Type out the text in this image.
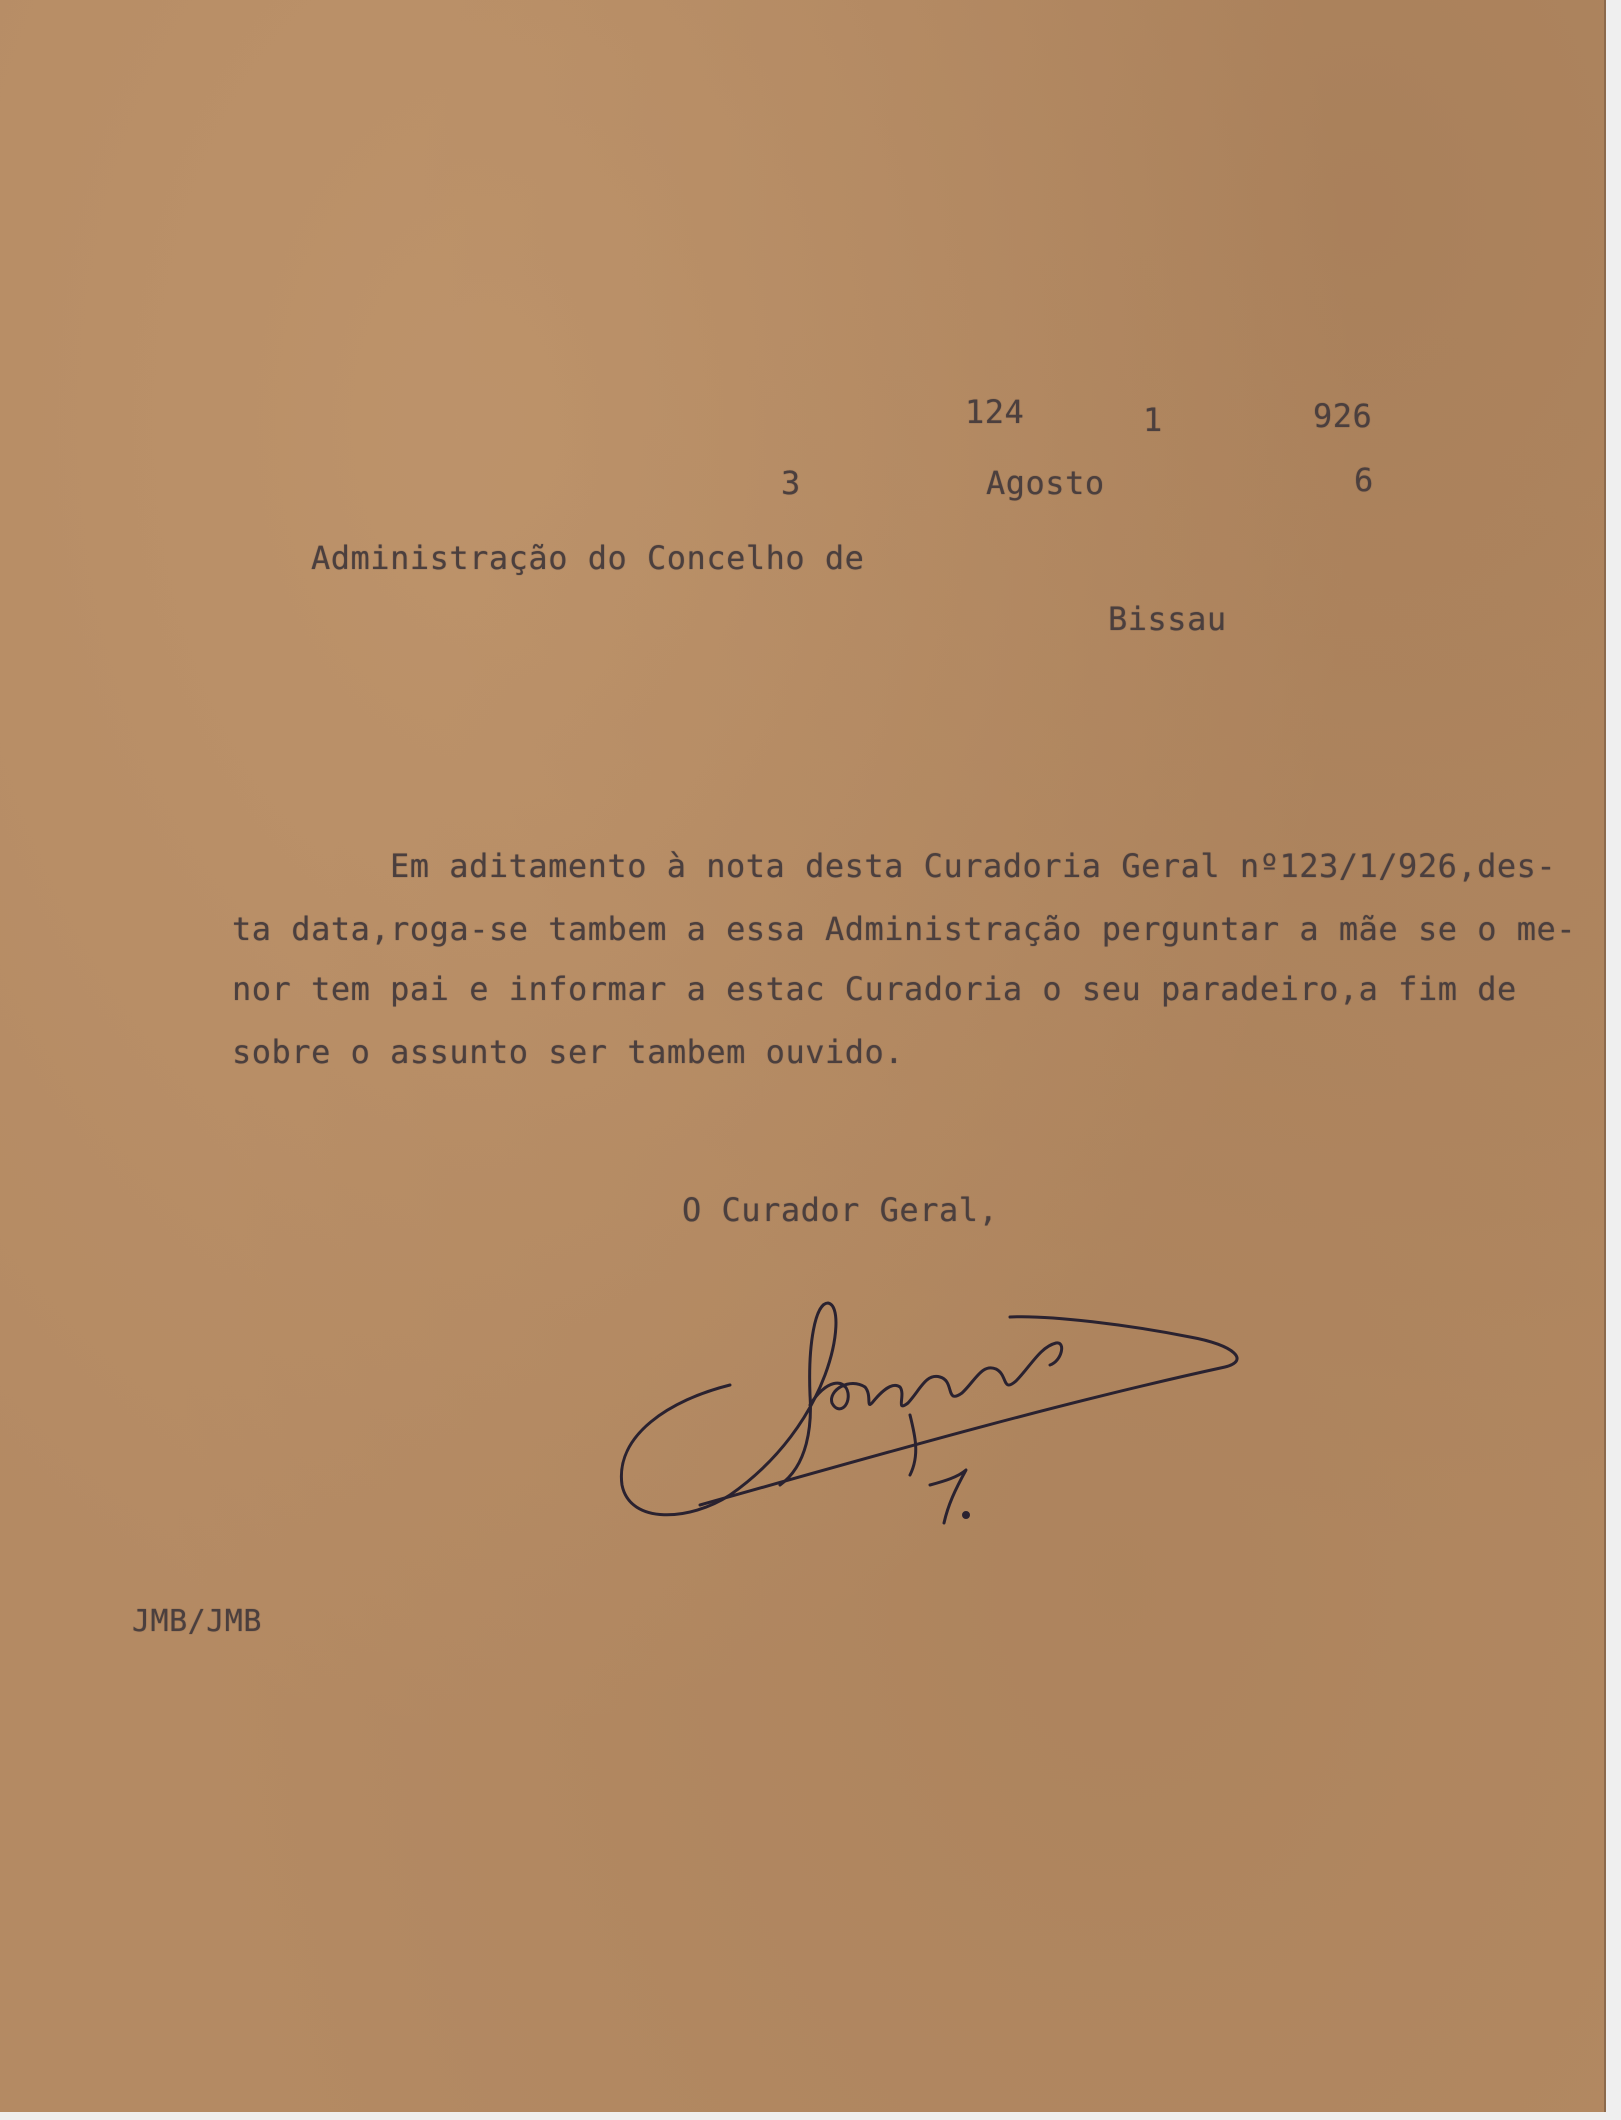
124	1	926
3	Agosto	6
Administração do Concelho de
Bissau
Em aditamento à nota desta Curadoria Geral nº123/1/926,des-
ta data,roga-se tambem a essa Administração perguntar a mãe se o me-
nor tem pai e informar a estac Curadoria o seu paradeiro,a fim de
sobre o assunto ser tambem ouvido.
O Curador Geral,
JMB/JMB
